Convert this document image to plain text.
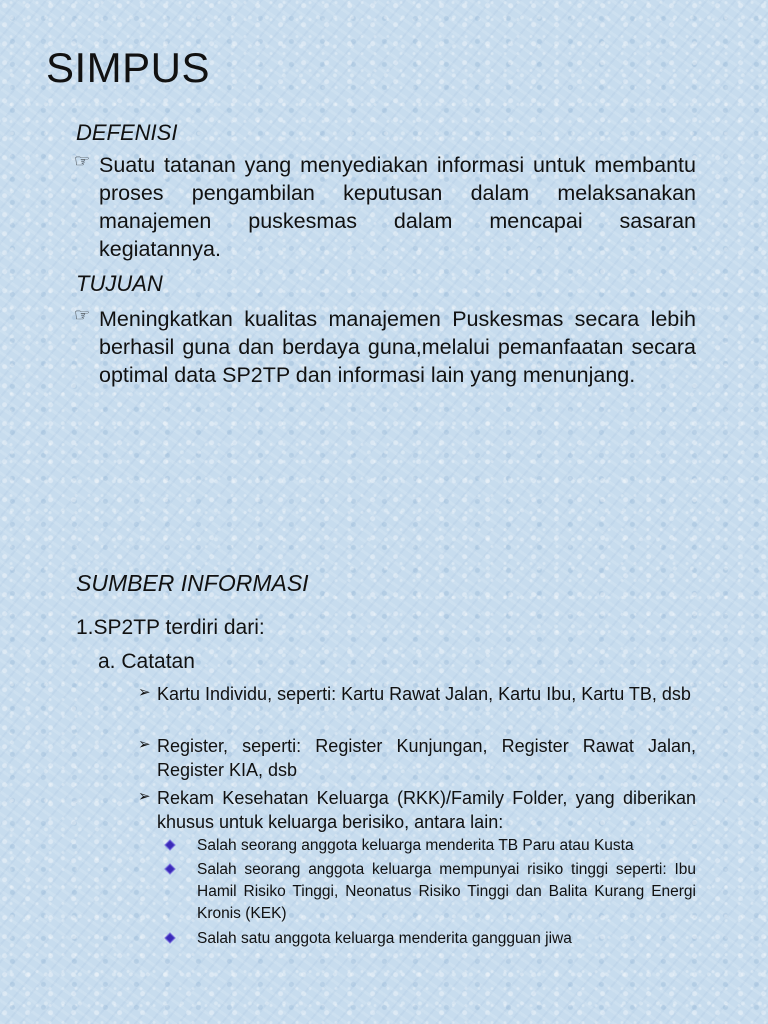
SIMPUS
DEFENISI
☞ Suatu tatanan yang menyediakan informasi untuk membantu proses pengambilan keputusan dalam melaksanakan manajemen puskesmas dalam mencapai sasaran kegiatannya.
TUJUAN
☞ Meningkatkan kualitas manajemen Puskesmas secara lebih berhasil guna dan berdaya guna,melalui pemanfaatan secara optimal data SP2TP dan informasi lain yang menunjang.
SUMBER INFORMASI
1.SP2TP terdiri dari:
a. Catatan
➢ Kartu Individu, seperti: Kartu Rawat Jalan, Kartu Ibu, Kartu TB, dsb
➢ Register, seperti: Register Kunjungan, Register Rawat Jalan, Register KIA, dsb
➢ Rekam Kesehatan Keluarga (RKK)/Family Folder, yang diberikan khusus untuk keluarga berisiko, antara lain:
Salah seorang anggota keluarga menderita TB Paru atau Kusta
Salah seorang anggota keluarga mempunyai risiko tinggi seperti: Ibu Hamil Risiko Tinggi, Neonatus Risiko Tinggi dan Balita Kurang Energi Kronis (KEK)
Salah satu anggota keluarga menderita gangguan jiwa
